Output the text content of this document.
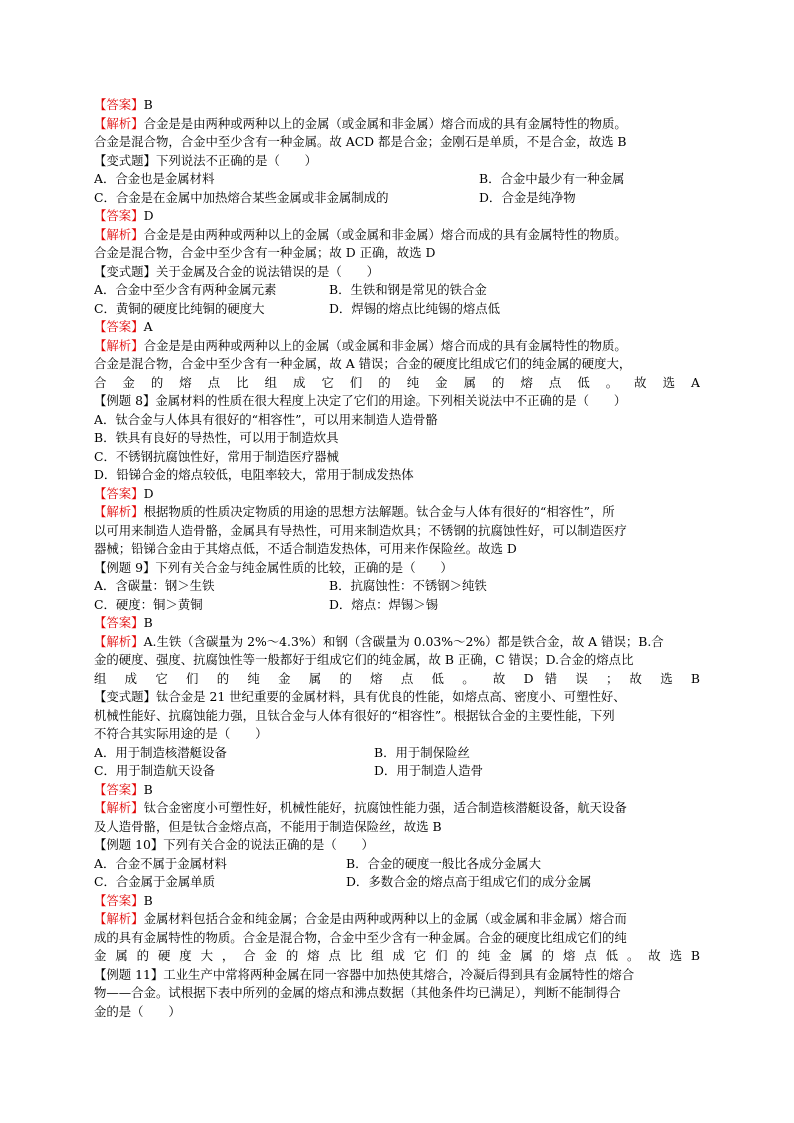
【答案】B
【解析】合金是是由两种或两种以上的金属（或金属和非金属）熔合而成的具有金属特性的物质。
合金是混合物，合金中至少含有一种金属。故 ACD 都是合金；金刚石是单质，不是合金，故选 B
【变式题】下列说法不正确的是（　　）
A．合金也是金属材料	B．合金中最少有一种金属
C．合金是在金属中加热熔合某些金属或非金属制成的	D．合金是纯净物
【答案】D
【解析】合金是是由两种或两种以上的金属（或金属和非金属）熔合而成的具有金属特性的物质。
合金是混合物，合金中至少含有一种金属；故 D 正确，故选 D
【变式题】关于金属及合金的说法错误的是（　　）
A．合金中至少含有两种金属元素	B．生铁和钢是常见的铁合金
C．黄铜的硬度比纯铜的硬度大	D．焊锡的熔点比纯锡的熔点低
【答案】A
【解析】合金是是由两种或两种以上的金属（或金属和非金属）熔合而成的具有金属特性的物质。
合金是混合物，合金中至少含有一种金属，故 A 错误；合金的硬度比组成它们的纯金属的硬度大，
合 金 的 熔 点 比 组 成 它 们 的 纯 金 属 的 熔 点 低 。 故 选 A
【例题 8】金属材料的性质在很大程度上决定了它们的用途。下列相关说法中不正确的是（　　）
A．钛合金与人体具有很好的“相容性”，可以用来制造人造骨骼
B．铁具有良好的导热性，可以用于制造炊具
C．不锈钢抗腐蚀性好，常用于制造医疗器械
D．铅锑合金的熔点较低，电阻率较大，常用于制成发热体
【答案】D
【解析】根据物质的性质决定物质的用途的思想方法解题。钛合金与人体有很好的“相容性”，所
以可用来制造人造骨骼，金属具有导热性，可用来制造炊具；不锈钢的抗腐蚀性好，可以制造医疗
器械；铅锑合金由于其熔点低，不适合制造发热体，可用来作保险丝。故选 D
【例题 9】下列有关合金与纯金属性质的比较，正确的是（　　）
A．含碳量：钢＞生铁	B．抗腐蚀性：不锈钢＞纯铁
C．硬度：铜＞黄铜	D．熔点：焊锡＞锡
【答案】B
【解析】A.生铁（含碳量为 2%～4.3%）和钢（含碳量为 0.03%～2%）都是铁合金，故 A 错误；B.合
金的硬度、强度、抗腐蚀性等一般都好于组成它们的纯金属，故 B 正确，C 错误；D.合金的熔点比
组 成 它 们 的 纯 金 属 的 熔 点 低 。 故 D 错 误 ； 故 选 B
【变式题】钛合金是 21 世纪重要的金属材料，具有优良的性能，如熔点高、密度小、可塑性好、
机械性能好、抗腐蚀能力强，且钛合金与人体有很好的“相容性”。根据钛合金的主要性能，下列
不符合其实际用途的是（　　）
A．用于制造核潜艇设备	B．用于制保险丝
C．用于制造航天设备	D．用于制造人造骨
【答案】B
【解析】钛合金密度小可塑性好，机械性能好，抗腐蚀性能力强，适合制造核潜艇设备，航天设备
及人造骨骼，但是钛合金熔点高，不能用于制造保险丝，故选 B
【例题 10】下列有关合金的说法正确的是（　　）
A．合金不属于金属材料	B．合金的硬度一般比各成分金属大
C．合金属于金属单质	D．多数合金的熔点高于组成它们的成分金属
【答案】B
【解析】金属材料包括合金和纯金属；合金是由两种或两种以上的金属（或金属和非金属）熔合而
成的具有金属特性的物质。合金是混合物，合金中至少含有一种金属。合金的硬度比组成它们的纯
金 属 的 硬 度 大 ， 合 金 的 熔 点 比 组 成 它 们 的 纯 金 属 的 熔 点 低 。 故 选 B
【例题 11】工业生产中常将两种金属在同一容器中加热使其熔合，冷凝后得到具有金属特性的熔合
物——合金。试根据下表中所列的金属的熔点和沸点数据（其他条件均已满足），判断不能制得合
金的是（　　）
